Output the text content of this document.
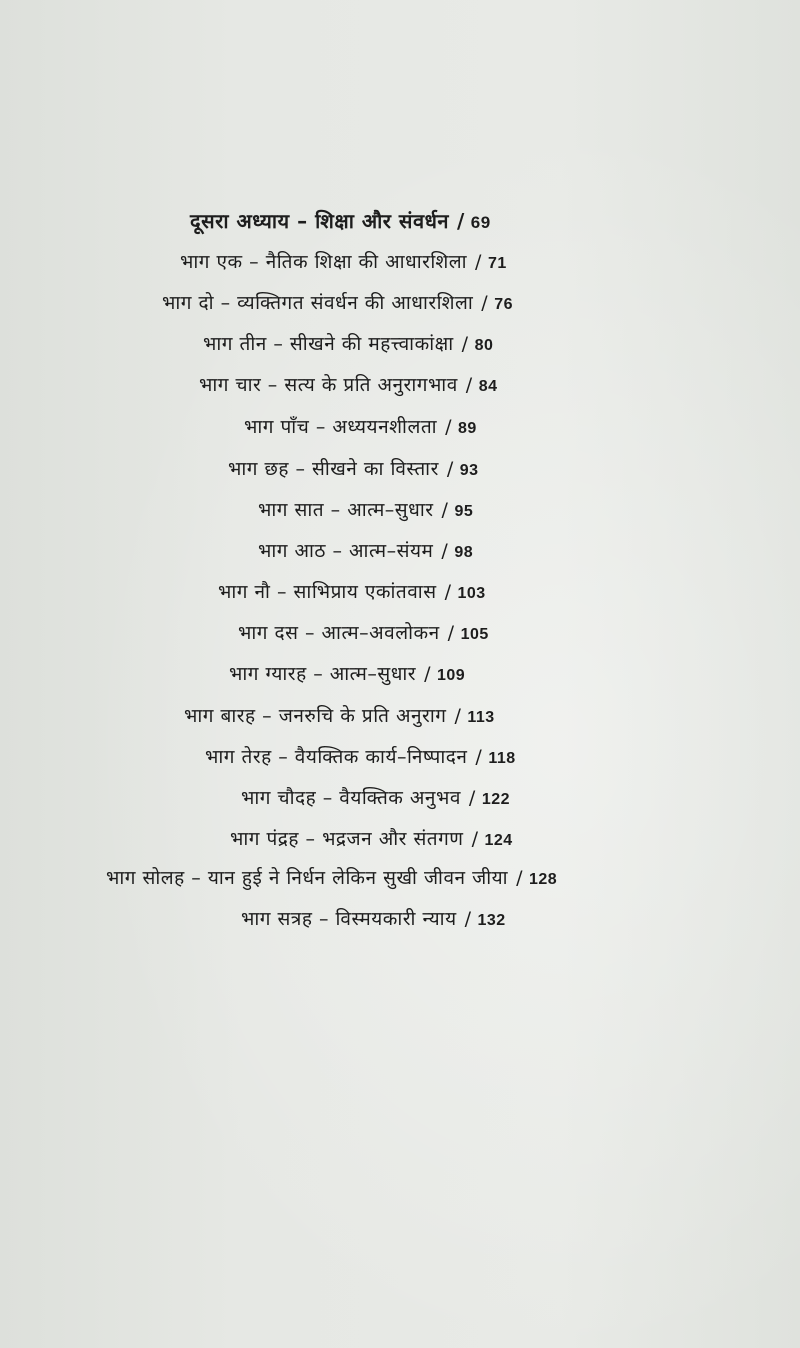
दूसरा अध्याय – शिक्षा और संवर्धन / 69
भाग एक – नैतिक शिक्षा की आधारशिला / 71
भाग दो – व्यक्तिगत संवर्धन की आधारशिला / 76
भाग तीन – सीखने की महत्त्वाकांक्षा / 80
भाग चार – सत्य के प्रति अनुरागभाव / 84
भाग पाँच – अध्ययनशीलता / 89
भाग छह – सीखने का विस्तार / 93
भाग सात – आत्म–सुधार / 95
भाग आठ – आत्म–संयम / 98
भाग नौ – साभिप्राय एकांतवास / 103
भाग दस – आत्म–अवलोकन / 105
भाग ग्यारह – आत्म–सुधार / 109
भाग बारह – जनरुचि के प्रति अनुराग / 113
भाग तेरह – वैयक्तिक कार्य–निष्पादन / 118
भाग चौदह – वैयक्तिक अनुभव / 122
भाग पंद्रह – भद्रजन और संतगण / 124
भाग सोलह – यान हुई ने निर्धन लेकिन सुखी जीवन जीया / 128
भाग सत्रह – विस्मयकारी न्याय / 132
